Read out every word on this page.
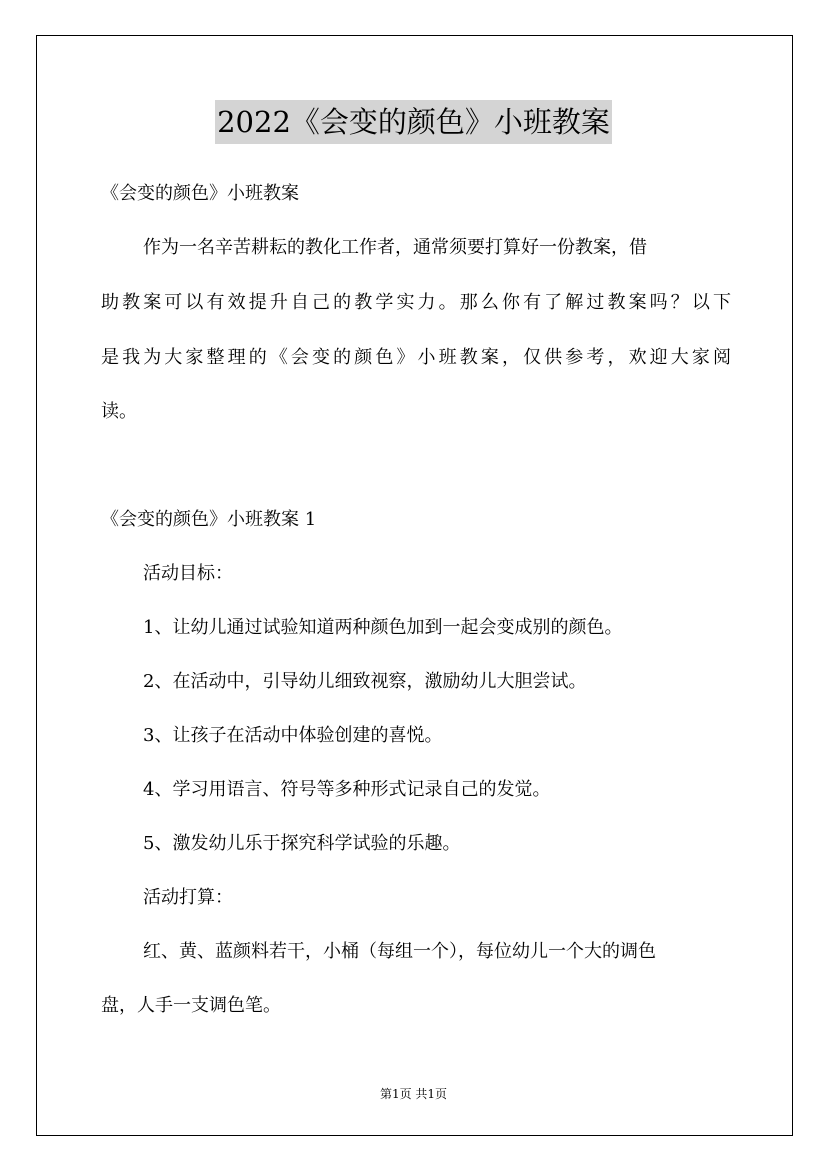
2022《会变的颜色》小班教案
《会变的颜色》小班教案
作为一名辛苦耕耘的教化工作者，通常须要打算好一份教案，借
助教案可以有效提升自己的教学实力。那么你有了解过教案吗？以下
是我为大家整理的《会变的颜色》小班教案，仅供参考，欢迎大家阅
读。
《会变的颜色》小班教案 1
活动目标：
1、让幼儿通过试验知道两种颜色加到一起会变成别的颜色。
2、在活动中，引导幼儿细致视察，激励幼儿大胆尝试。
3、让孩子在活动中体验创建的喜悦。
4、学习用语言、符号等多种形式记录自己的发觉。
5、激发幼儿乐于探究科学试验的乐趣。
活动打算：
红、黄、蓝颜料若干，小桶（每组一个），每位幼儿一个大的调色
盘，人手一支调色笔。
第1页 共1页
